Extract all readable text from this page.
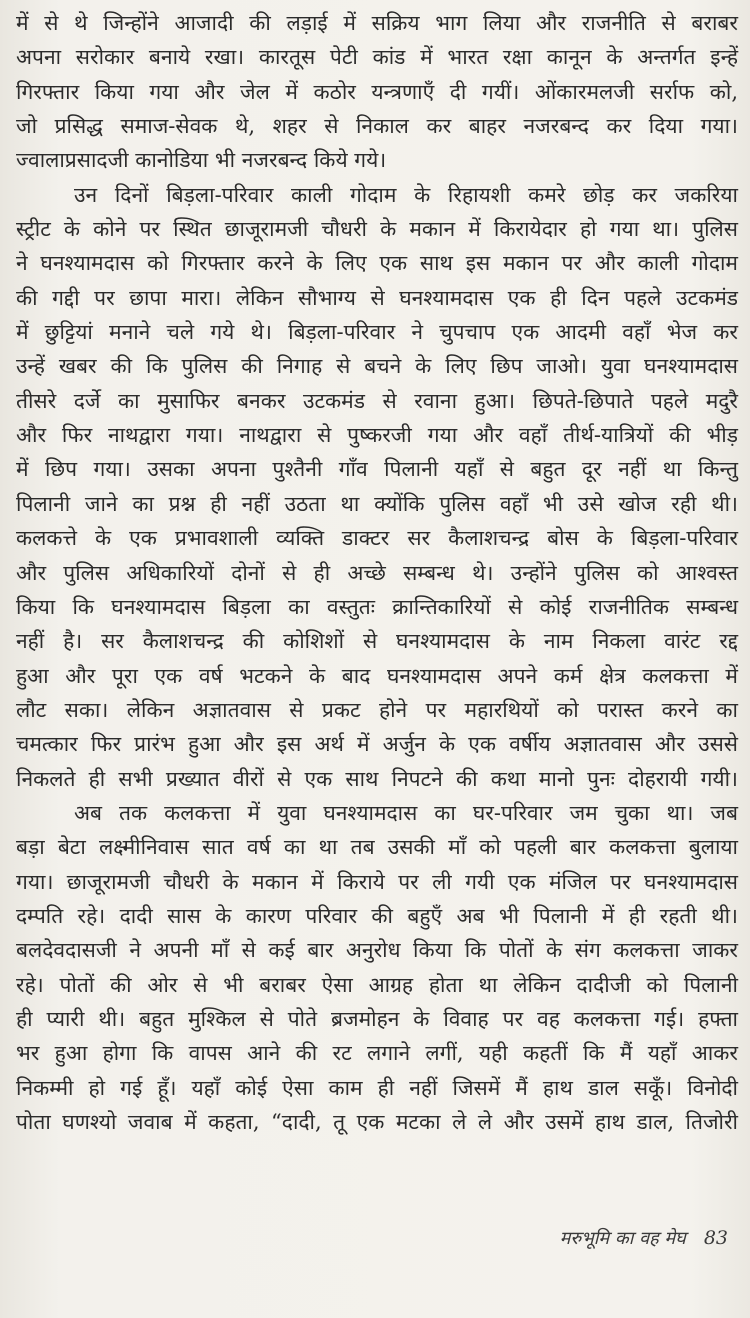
में से थे जिन्होंने आजादी की लड़ाई में सक्रिय भाग लिया और राजनीति से बराबर
अपना सरोकार बनाये रखा। कारतूस पेटी कांड में भारत रक्षा कानून के अन्तर्गत इन्हें
गिरफ्तार किया गया और जेल में कठोर यन्त्रणाएँ दी गयीं। ओंकारमलजी सर्राफ को,
जो प्रसिद्ध समाज-सेवक थे, शहर से निकाल कर बाहर नजरबन्द कर दिया गया।
ज्वालाप्रसादजी कानोडिया भी नजरबन्द किये गये।
उन दिनों बिड़ला-परिवार काली गोदाम के रिहायशी कमरे छोड़ कर जकरिया
स्ट्रीट के कोने पर स्थित छाजूरामजी चौधरी के मकान में किरायेदार हो गया था। पुलिस
ने घनश्यामदास को गिरफ्तार करने के लिए एक साथ इस मकान पर और काली गोदाम
की गद्दी पर छापा मारा। लेकिन सौभाग्य से घनश्यामदास एक ही दिन पहले उटकमंड
में छुट्टियां मनाने चले गये थे। बिड़ला-परिवार ने चुपचाप एक आदमी वहाँ भेज कर
उन्हें खबर की कि पुलिस की निगाह से बचने के लिए छिप जाओ। युवा घनश्यामदास
तीसरे दर्जे का मुसाफिर बनकर उटकमंड से रवाना हुआ। छिपते-छिपाते पहले मदुरै
और फिर नाथद्वारा गया। नाथद्वारा से पुष्करजी गया और वहाँ तीर्थ-यात्रियों की भीड़
में छिप गया। उसका अपना पुश्तैनी गाँव पिलानी यहाँ से बहुत दूर नहीं था किन्तु
पिलानी जाने का प्रश्न ही नहीं उठता था क्योंकि पुलिस वहाँ भी उसे खोज रही थी।
कलकत्ते के एक प्रभावशाली व्यक्ति डाक्टर सर कैलाशचन्द्र बोस के बिड़ला-परिवार
और पुलिस अधिकारियों दोनों से ही अच्छे सम्बन्ध थे। उन्होंने पुलिस को आश्वस्त
किया कि घनश्यामदास बिड़ला का वस्तुतः क्रान्तिकारियों से कोई राजनीतिक सम्बन्ध
नहीं है। सर कैलाशचन्द्र की कोशिशों से घनश्यामदास के नाम निकला वारंट रद्द
हुआ और पूरा एक वर्ष भटकने के बाद घनश्यामदास अपने कर्म क्षेत्र कलकत्ता में
लौट सका। लेकिन अज्ञातवास से प्रकट होने पर महारथियों को परास्त करने का
चमत्कार फिर प्रारंभ हुआ और इस अर्थ में अर्जुन के एक वर्षीय अज्ञातवास और उससे
निकलते ही सभी प्रख्यात वीरों से एक साथ निपटने की कथा मानो पुनः दोहरायी गयी।
अब तक कलकत्ता में युवा घनश्यामदास का घर-परिवार जम चुका था। जब
बड़ा बेटा लक्ष्मीनिवास सात वर्ष का था तब उसकी माँ को पहली बार कलकत्ता बुलाया
गया। छाजूरामजी चौधरी के मकान में किराये पर ली गयी एक मंजिल पर घनश्यामदास
दम्पति रहे। दादी सास के कारण परिवार की बहुएँ अब भी पिलानी में ही रहती थी।
बलदेवदासजी ने अपनी माँ से कई बार अनुरोध किया कि पोतों के संग कलकत्ता जाकर
रहे। पोतों की ओर से भी बराबर ऐसा आग्रह होता था लेकिन दादीजी को पिलानी
ही प्यारी थी। बहुत मुश्किल से पोते ब्रजमोहन के विवाह पर वह कलकत्ता गई। हफ्ता
भर हुआ होगा कि वापस आने की रट लगाने लगीं, यही कहतीं कि मैं यहाँ आकर
निकम्मी हो गई हूँ। यहाँ कोई ऐसा काम ही नहीं जिसमें मैं हाथ डाल सकूँ। विनोदी
पोता घणश्यो जवाब में कहता, “दादी, तू एक मटका ले ले और उसमें हाथ डाल, तिजोरी
मरुभूमि का वह मेघ 83
